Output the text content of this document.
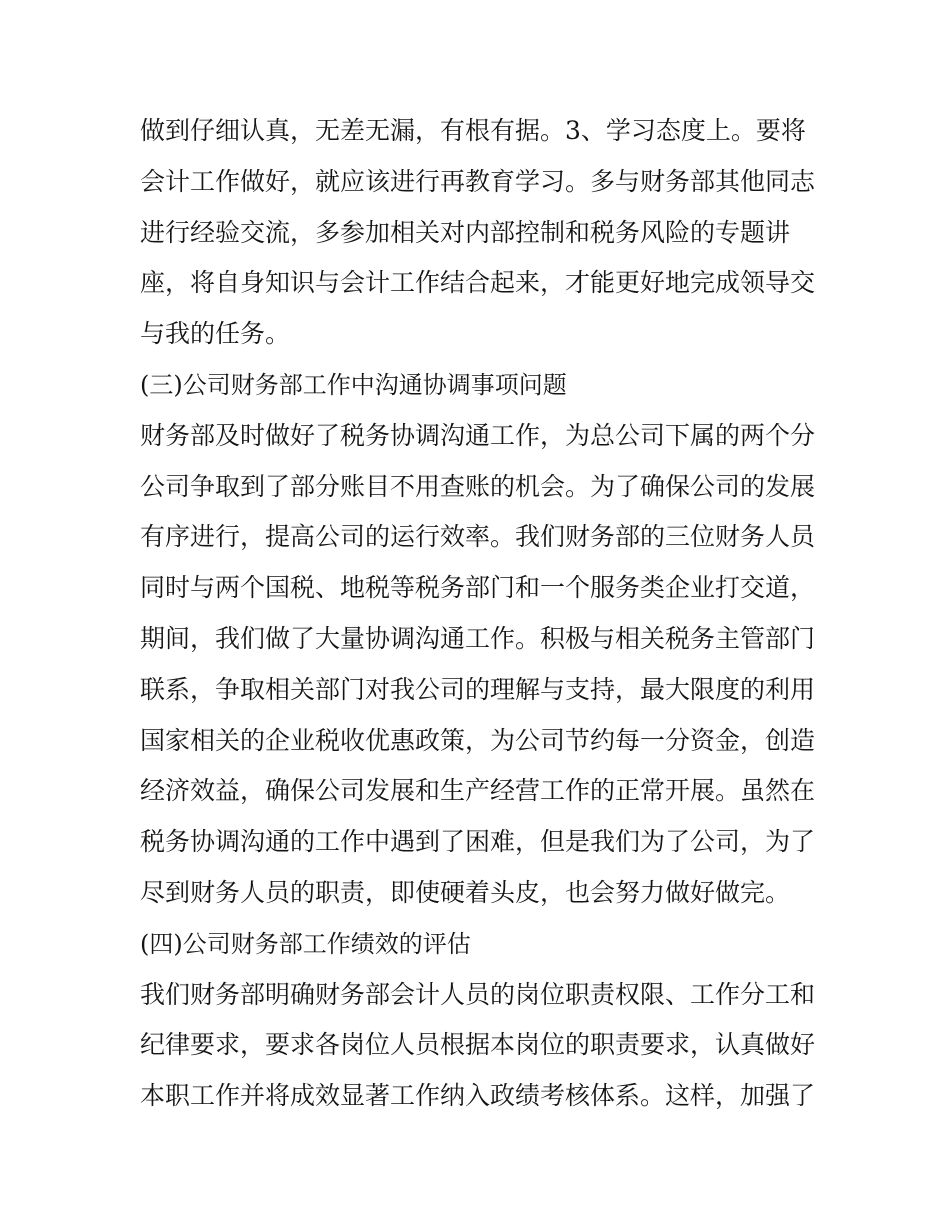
做到仔细认真，无差无漏，有根有据。3、学习态度上。要将
会计工作做好，就应该进行再教育学习。多与财务部其他同志
进行经验交流，多参加相关对内部控制和税务风险的专题讲
座，将自身知识与会计工作结合起来，才能更好地完成领导交
与我的任务。
(三)公司财务部工作中沟通协调事项问题
财务部及时做好了税务协调沟通工作，为总公司下属的两个分
公司争取到了部分账目不用查账的机会。为了确保公司的发展
有序进行，提高公司的运行效率。我们财务部的三位财务人员
同时与两个国税、地税等税务部门和一个服务类企业打交道，
期间，我们做了大量协调沟通工作。积极与相关税务主管部门
联系，争取相关部门对我公司的理解与支持，最大限度的利用
国家相关的企业税收优惠政策，为公司节约每一分资金，创造
经济效益，确保公司发展和生产经营工作的正常开展。虽然在
税务协调沟通的工作中遇到了困难，但是我们为了公司，为了
尽到财务人员的职责，即使硬着头皮，也会努力做好做完。
(四)公司财务部工作绩效的评估
我们财务部明确财务部会计人员的岗位职责权限、工作分工和
纪律要求，要求各岗位人员根据本岗位的职责要求，认真做好
本职工作并将成效显著工作纳入政绩考核体系。这样，加强了
